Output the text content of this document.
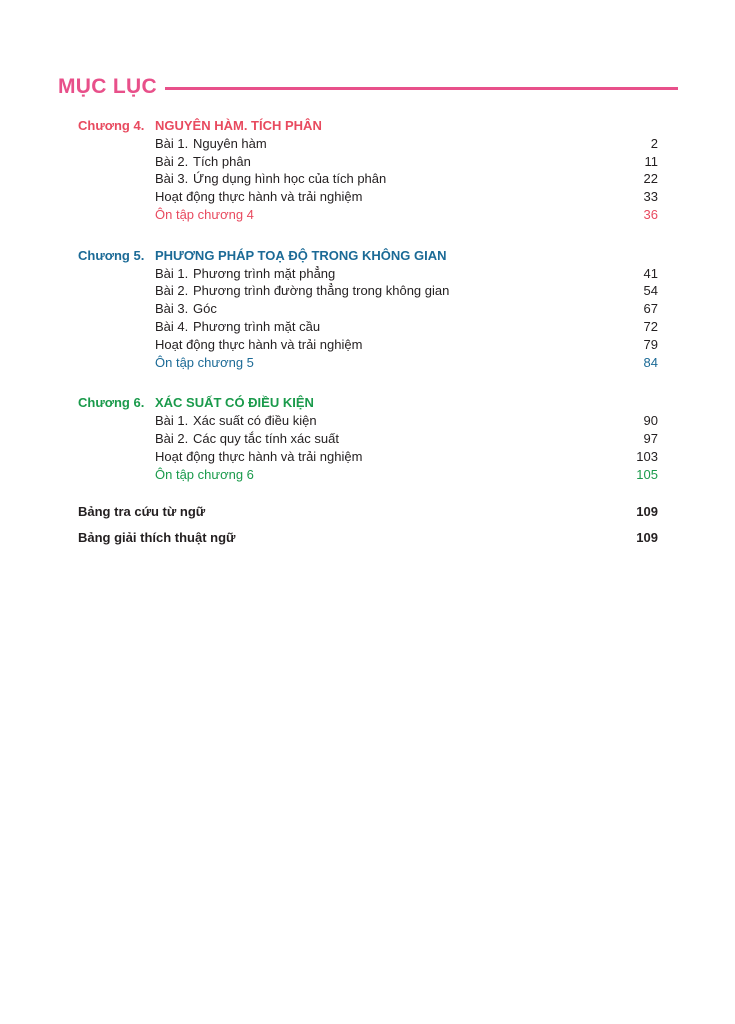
MỤC LỤC
Chương 4. NGUYÊN HÀM. TÍCH PHÂN
Bài 1. Nguyên hàm	2
Bài 2. Tích phân	11
Bài 3. Ứng dụng hình học của tích phân	22
Hoạt động thực hành và trải nghiệm	33
Ôn tập chương 4	36
Chương 5. PHƯƠNG PHÁP TOẠ ĐỘ TRONG KHÔNG GIAN
Bài 1. Phương trình mặt phẳng	41
Bài 2. Phương trình đường thẳng trong không gian	54
Bài 3. Góc	67
Bài 4. Phương trình mặt cầu	72
Hoạt động thực hành và trải nghiệm	79
Ôn tập chương 5	84
Chương 6. XÁC SUẤT CÓ ĐIỀU KIỆN
Bài 1. Xác suất có điều kiện	90
Bài 2. Các quy tắc tính xác suất	97
Hoạt động thực hành và trải nghiệm	103
Ôn tập chương 6	105
Bảng tra cứu từ ngữ	109
Bảng giải thích thuật ngữ	109
